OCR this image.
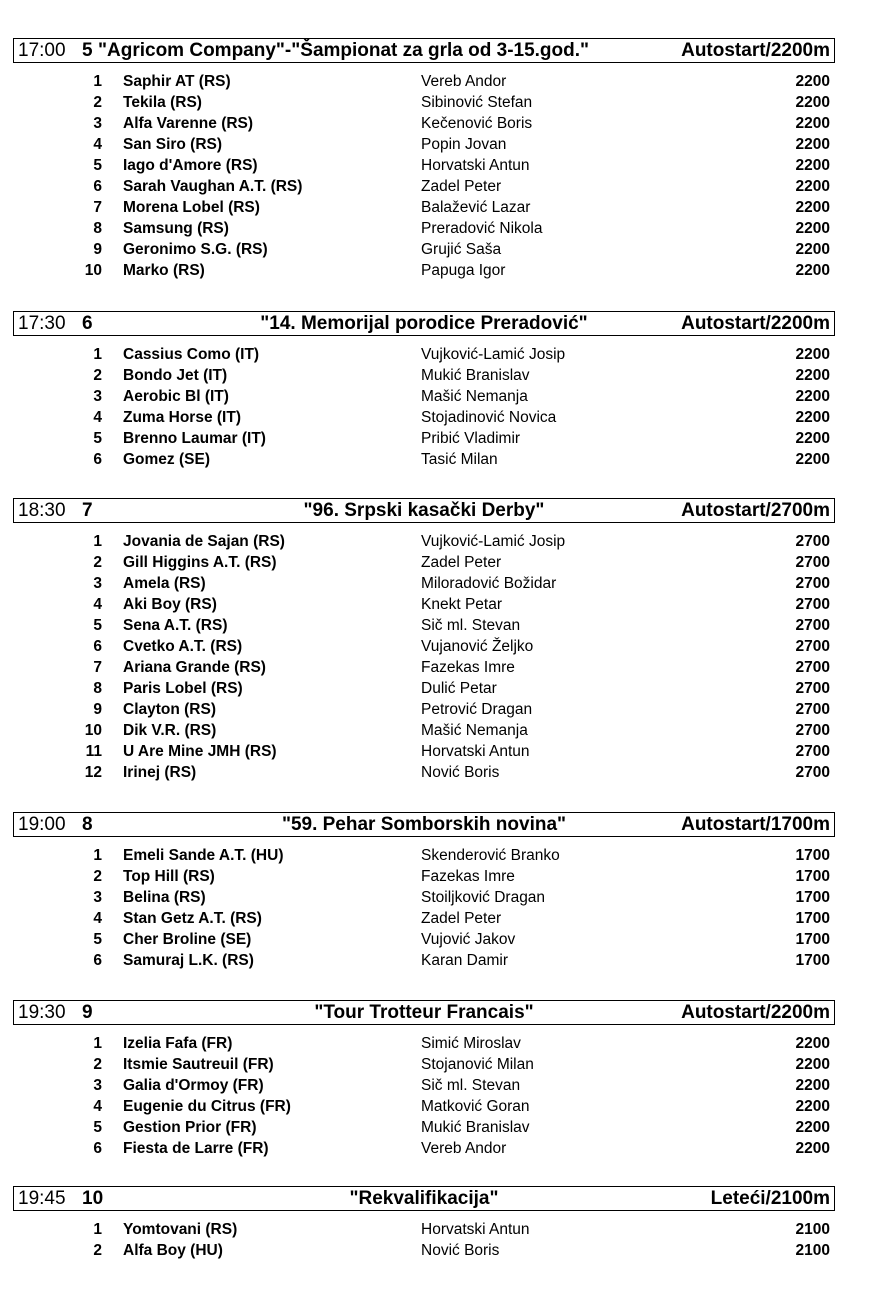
17:00 5 "Agricom Company"-"Šampionat za grla od 3-15.god."	Autostart/2200m
1 Saphir AT (RS)	Vereb Andor	2200
2 Tekila (RS)	Sibinović Stefan	2200
3 Alfa Varenne (RS)	Kečenović Boris	2200
4 San Siro (RS)	Popin Jovan	2200
5 Iago d'Amore (RS)	Horvatski Antun	2200
6 Sarah Vaughan A.T. (RS)	Zadel Peter	2200
7 Morena Lobel (RS)	Balažević Lazar	2200
8 Samsung (RS)	Preradović Nikola	2200
9 Geronimo S.G. (RS)	Grujić Saša	2200
10 Marko (RS)	Papuga Igor	2200
17:30 6	"14. Memorijal porodice Preradović"	Autostart/2200m
1 Cassius Como (IT)	Vujković-Lamić Josip	2200
2 Bondo Jet (IT)	Mukić Branislav	2200
3 Aerobic Bl (IT)	Mašić Nemanja	2200
4 Zuma Horse (IT)	Stojadinović Novica	2200
5 Brenno Laumar (IT)	Pribić Vladimir	2200
6 Gomez (SE)	Tasić Milan	2200
18:30 7	"96. Srpski kasački Derby"	Autostart/2700m
1 Jovania de Sajan (RS)	Vujković-Lamić Josip	2700
2 Gill Higgins A.T. (RS)	Zadel Peter	2700
3 Amela (RS)	Miloradović Božidar	2700
4 Aki Boy (RS)	Knekt Petar	2700
5 Sena A.T. (RS)	Sič ml. Stevan	2700
6 Cvetko A.T. (RS)	Vujanović Željko	2700
7 Ariana Grande (RS)	Fazekas Imre	2700
8 Paris Lobel (RS)	Dulić Petar	2700
9 Clayton (RS)	Petrović Dragan	2700
10 Dik V.R. (RS)	Mašić Nemanja	2700
11 U Are Mine JMH (RS)	Horvatski Antun	2700
12 Irinej (RS)	Nović Boris	2700
19:00 8	"59. Pehar Somborskih novina"	Autostart/1700m
1 Emeli Sande A.T. (HU)	Skenderović Branko	1700
2 Top Hill (RS)	Fazekas Imre	1700
3 Belina (RS)	Stoiljković Dragan	1700
4 Stan Getz A.T. (RS)	Zadel Peter	1700
5 Cher Broline (SE)	Vujović Jakov	1700
6 Samuraj L.K. (RS)	Karan Damir	1700
19:30 9	"Tour Trotteur Francais"	Autostart/2200m
1 Izelia Fafa (FR)	Simić Miroslav	2200
2 Itsmie Sautreuil (FR)	Stojanović Milan	2200
3 Galia d'Ormoy (FR)	Sič ml. Stevan	2200
4 Eugenie du Citrus (FR)	Matković Goran	2200
5 Gestion Prior (FR)	Mukić Branislav	2200
6 Fiesta de Larre (FR)	Vereb Andor	2200
19:45 10	"Rekvalifikacija"	Leteći/2100m
1 Yomtovani (RS)	Horvatski Antun	2100
2 Alfa Boy (HU)	Nović Boris	2100
